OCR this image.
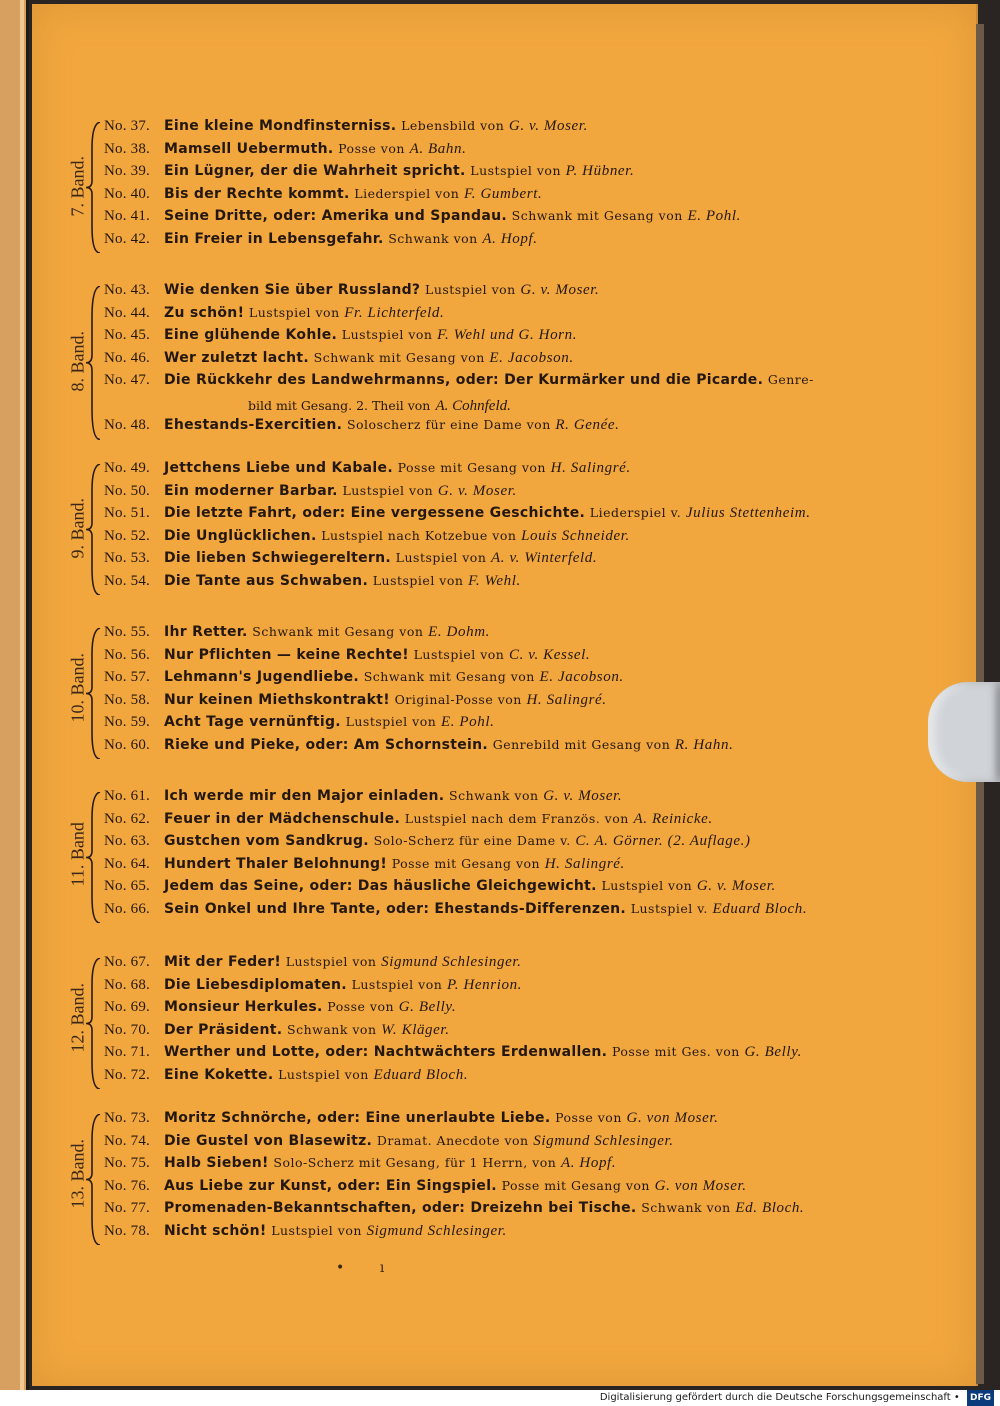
•        ı
Digitalisierung gefördert durch die Deutsche Forschungsgemeinschaft • DFG
7. Band.
No. 37. Eine kleine Mondfinsterniss. Lebensbild von G. v. Moser.
No. 38. Mamsell Uebermuth. Posse von A. Bahn.
No. 39. Ein Lügner, der die Wahrheit spricht. Lustspiel von P. Hübner.
No. 40. Bis der Rechte kommt. Liederspiel von F. Gumbert.
No. 41. Seine Dritte, oder: Amerika und Spandau. Schwank mit Gesang von E. Pohl.
No. 42. Ein Freier in Lebensgefahr. Schwank von A. Hopf.
8. Band.
No. 43. Wie denken Sie über Russland? Lustspiel von G. v. Moser.
No. 44. Zu schön! Lustspiel von Fr. Lichterfeld.
No. 45. Eine glühende Kohle. Lustspiel von F. Wehl und G. Horn.
No. 46. Wer zuletzt lacht. Schwank mit Gesang von E. Jacobson.
No. 47. Die Rückkehr des Landwehrmanns, oder: Der Kurmärker und die Picarde. Genre-
bild mit Gesang. 2. Theil von A. Cohnfeld.
No. 48. Ehestands-Exercitien. Soloscherz für eine Dame von R. Genée.
9. Band.
No. 49. Jettchens Liebe und Kabale. Posse mit Gesang von H. Salingré.
No. 50. Ein moderner Barbar. Lustspiel von G. v. Moser.
No. 51. Die letzte Fahrt, oder: Eine vergessene Geschichte. Liederspiel v. Julius Stettenheim.
No. 52. Die Unglücklichen. Lustspiel nach Kotzebue von Louis Schneider.
No. 53. Die lieben Schwiegereltern. Lustspiel von A. v. Winterfeld.
No. 54. Die Tante aus Schwaben. Lustspiel von F. Wehl.
10. Band.
No. 55. Ihr Retter. Schwank mit Gesang von E. Dohm.
No. 56. Nur Pflichten — keine Rechte! Lustspiel von C. v. Kessel.
No. 57. Lehmann's Jugendliebe. Schwank mit Gesang von E. Jacobson.
No. 58. Nur keinen Miethskontrakt! Original-Posse von H. Salingré.
No. 59. Acht Tage vernünftig. Lustspiel von E. Pohl.
No. 60. Rieke und Pieke, oder: Am Schornstein. Genrebild mit Gesang von R. Hahn.
11. Band
No. 61. Ich werde mir den Major einladen. Schwank von G. v. Moser.
No. 62. Feuer in der Mädchenschule. Lustspiel nach dem Französ. von A. Reinicke.
No. 63. Gustchen vom Sandkrug. Solo-Scherz für eine Dame v. C. A. Görner. (2. Auflage.)
No. 64. Hundert Thaler Belohnung! Posse mit Gesang von H. Salingré.
No. 65. Jedem das Seine, oder: Das häusliche Gleichgewicht. Lustspiel von G. v. Moser.
No. 66. Sein Onkel und Ihre Tante, oder: Ehestands-Differenzen. Lustspiel v. Eduard Bloch.
12. Band.
No. 67. Mit der Feder! Lustspiel von Sigmund Schlesinger.
No. 68. Die Liebesdiplomaten. Lustspiel von P. Henrion.
No. 69. Monsieur Herkules. Posse von G. Belly.
No. 70. Der Präsident. Schwank von W. Kläger.
No. 71. Werther und Lotte, oder: Nachtwächters Erdenwallen. Posse mit Ges. von G. Belly.
No. 72. Eine Kokette. Lustspiel von Eduard Bloch.
13. Band.
No. 73. Moritz Schnörche, oder: Eine unerlaubte Liebe. Posse von G. von Moser.
No. 74. Die Gustel von Blasewitz. Dramat. Anecdote von Sigmund Schlesinger.
No. 75. Halb Sieben! Solo-Scherz mit Gesang, für 1 Herrn, von A. Hopf.
No. 76. Aus Liebe zur Kunst, oder: Ein Singspiel. Posse mit Gesang von G. von Moser.
No. 77. Promenaden-Bekanntschaften, oder: Dreizehn bei Tische. Schwank von Ed. Bloch.
No. 78. Nicht schön! Lustspiel von Sigmund Schlesinger.
